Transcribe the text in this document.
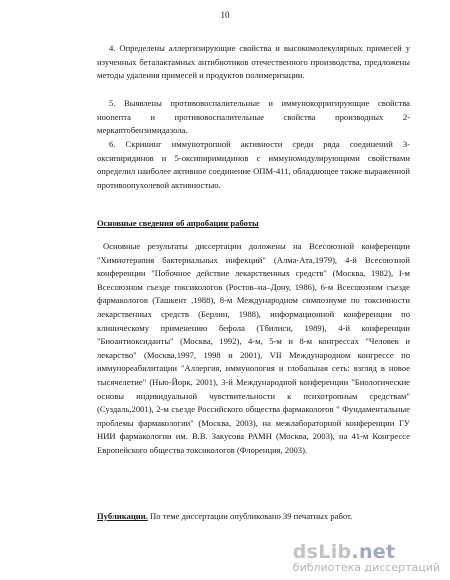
10
4. Определены аллергизирующие свойства и высокомолекулярных примесей у изученных беталактамных антибиотиков отечественного производства, предложены методы удаления примесей и продуктов полимеризации.
5. Выявлены противовоспалительные и иммунокорригирующие свойства ноопепта и противовоспалительные свойства производных 2-меркаптобензимидазола.
6. Скрининг иммунотропной активности среди ряда соединений 3-оксипиридинов и 5-оксипиримидинов с иммуномодулирующими свойствами определил наиболее активное соединение ОПМ-411, обладающее также выраженной противоопухолевой активностью.
Основные сведения об апробации работы
Основные результаты диссертации доложены на Всесоюзной конференции "Химиотерапия бактериальных инфекций" (Алма-Ата,1979), 4-й Всесоюзной конференции "Побочное действие лекарственных средств" (Москва, 1982), I-м Всесоюзном съезде токсикологов (Ростов–на–Дону, 1986), 6-м Всесоюзном съезде фармакологов (Ташкент ,1988), 8-м Международном симпозиуме по токсичности лекарственных средств (Берлин, 1988), информационной конференции по клиническому применению бефола (Тбилиси, 1989), 4-й конференции "Биоантиоксиданты" (Москва, 1992), 4-м, 5-м и 8-м конгрессах "Человек и лекарство" (Москва,1997, 1998 и 2001), VII Международном конгрессе по иммунореабилитации "Аллергия, иммунология и глобальная сеть: взгляд в новое тысячелетие" (Нью-Йорк, 2001), 3-й Международной конференции "Биологические основы индивидуальной чувствительности к психотропным средствам" (Суздаль,2001), 2-м съезде Российского общества фармакологов " Фундаментальные проблемы фармакологии" (Москва, 2003), на межлабораторной конференции ГУ НИИ фармакологии им. В.В. Закусова РАМН (Москва, 2003), на 41-м Конгрессе Европейского общества токсикологов (Флоренция, 2003).
Публикации. По теме диссертации опубликовано 39 печатных работ.
dsLib.net
библиотека диссертаций
